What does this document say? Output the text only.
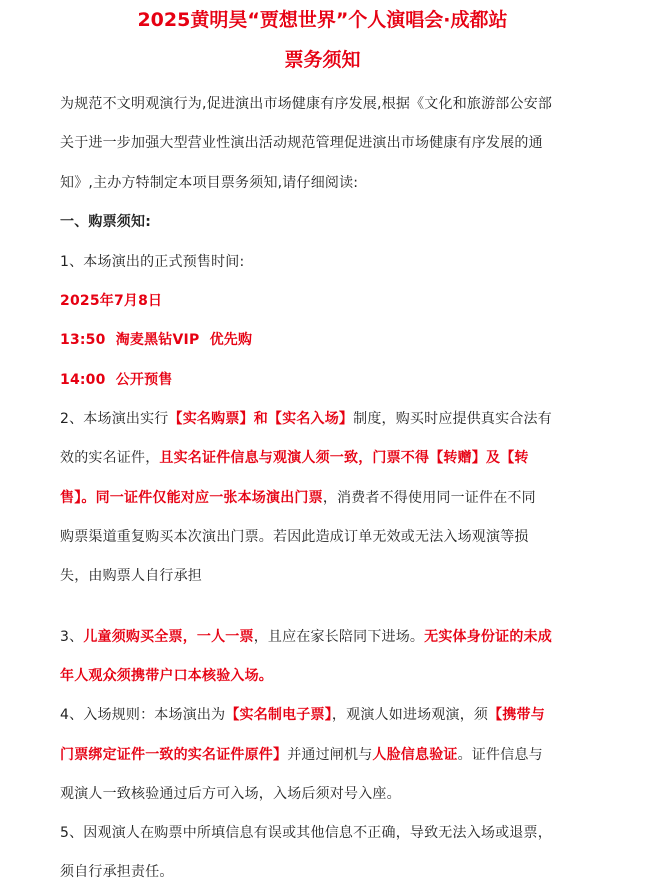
2025黄明昊“贾想世界”个人演唱会·成都站
票务须知
为规范不文明观演行为,促进演出市场健康有序发展,根据《文化和旅游部公安部
关于进一步加强大型营业性演出活动规范管理促进演出市场健康有序发展的通
知》,主办方特制定本项目票务须知,请仔细阅读:
一、购票须知:
1、本场演出的正式预售时间:
2025年7月8日
13:50  淘麦黑钻VIP  优先购
14:00  公开预售
2、本场演出实行【实名购票】和【实名入场】制度，购买时应提供真实合法有
效的实名证件，且实名证件信息与观演人须一致，门票不得【转赠】及【转
售】。同一证件仅能对应一张本场演出门票，消费者不得使用同一证件在不同
购票渠道重复购买本次演出门票。若因此造成订单无效或无法入场观演等损
失，由购票人自行承担
3、儿童须购买全票，一人一票，且应在家长陪同下进场。无实体身份证的未成
年人观众须携带户口本核验入场。
4、入场规则：本场演出为【实名制电子票】，观演人如进场观演，须【携带与
门票绑定证件一致的实名证件原件】并通过闸机与人脸信息验证。证件信息与
观演人一致核验通过后方可入场，入场后须对号入座。
5、因观演人在购票中所填信息有误或其他信息不正确，导致无法入场或退票，
须自行承担责任。
